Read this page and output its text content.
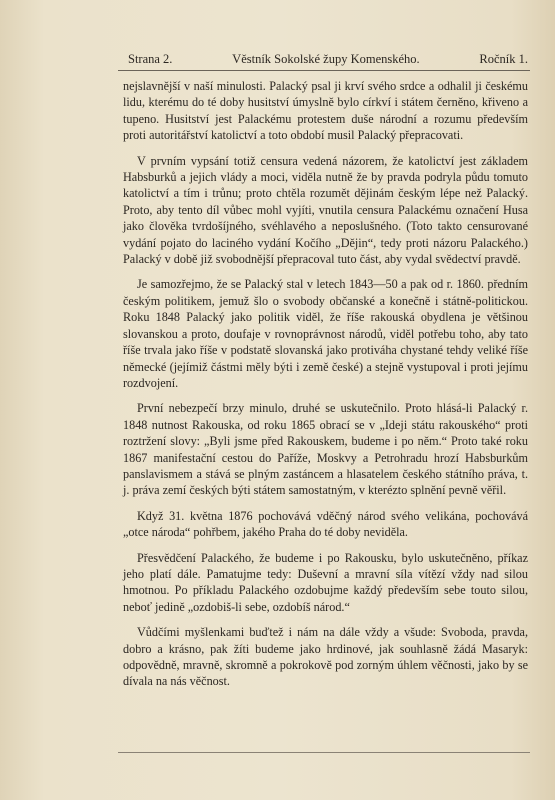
Strana 2.	Věstník Sokolské župy Komenského.	Ročník 1.

nejslavnější v naší minulosti. Palacký psal ji krví svého srdce a odhalil ji českému lidu, kterému do té doby husitství úmyslně bylo církví i státem černěno, křiveno a tupeno. Husitství jest Palackému protestem duše národní a rozumu především proti autoritářství katolictví a toto období musil Palacký přepracovati.

V prvním vypsání totiž censura vedená názorem, že katolictví jest základem Habsburků a jejich vlády a moci, viděla nutně že by pravda podryla půdu tomuto katolictví a tím i trůnu; proto chtěla rozumět dějinám českým lépe než Palacký. Proto, aby tento díl vůbec mohl vyjíti, vnutila censura Palackému označení Husa jako člověka tvrdošíjného, svéhlavého a neposlušného. (Toto takto censurované vydání pojato do laciného vydání Kočího „Dějin“, tedy proti názoru Palackého.) Palacký v době již svobodnější přepracoval tuto část, aby vydal svědectví pravdě.

Je samozřejmo, že se Palacký stal v letech 1843—50 a pak od r. 1860. předním českým politikem, jemuž šlo o svobody občanské a konečně i státně-politickou. Roku 1848 Palacký jako politik viděl, že říše rakouská obydlena je většinou slovanskou a proto, doufaje v rovnoprávnost národů, viděl potřebu toho, aby tato říše trvala jako říše v podstatě slovanská jako protiváha chystané tehdy veliké říše německé (jejímiž částmi měly býti i země české) a stejně vystupoval i proti jejímu rozdvojení.

První nebezpečí brzy minulo, druhé se uskutečnilo. Proto hlásá-li Palacký r. 1848 nutnost Rakouska, od roku 1865 obrací se v „Ideji státu rakouského“ proti roztržení slovy: „Byli jsme před Rakouskem, budeme i po něm.“ Proto také roku 1867 manifestační cestou do Paříže, Moskvy a Petrohradu hrozí Habsburkům panslavismem a stává se plným zastáncem a hlasatelem českého státního práva, t. j. práva zemí českých býti státem samostatným, v kterézto splnění pevně věřil.

Když 31. května 1876 pochovává vděčný národ svého velikána, pochovává „otce národa“ pohřbem, jakého Praha do té doby neviděla.

Přesvědčení Palackého, že budeme i po Rakousku, bylo uskutečněno, příkaz jeho platí dále. Pamatujme tedy: Duševní a mravní síla vítězí vždy nad silou hmotnou. Po příkladu Palackého ozdobujme každý především sebe touto silou, neboť jedině „ozdobiš-li sebe, ozdobíš národ.“

Vůdčími myšlenkami buďtež i nám na dále vždy a všude: Svoboda, pravda, dobro a krásno, pak žíti budeme jako hrdinové, jak souhlasně žádá Masaryk: odpovědně, mravně, skromně a pokrokově pod zorným úhlem věčnosti, jako by se dívala na nás věčnost.
